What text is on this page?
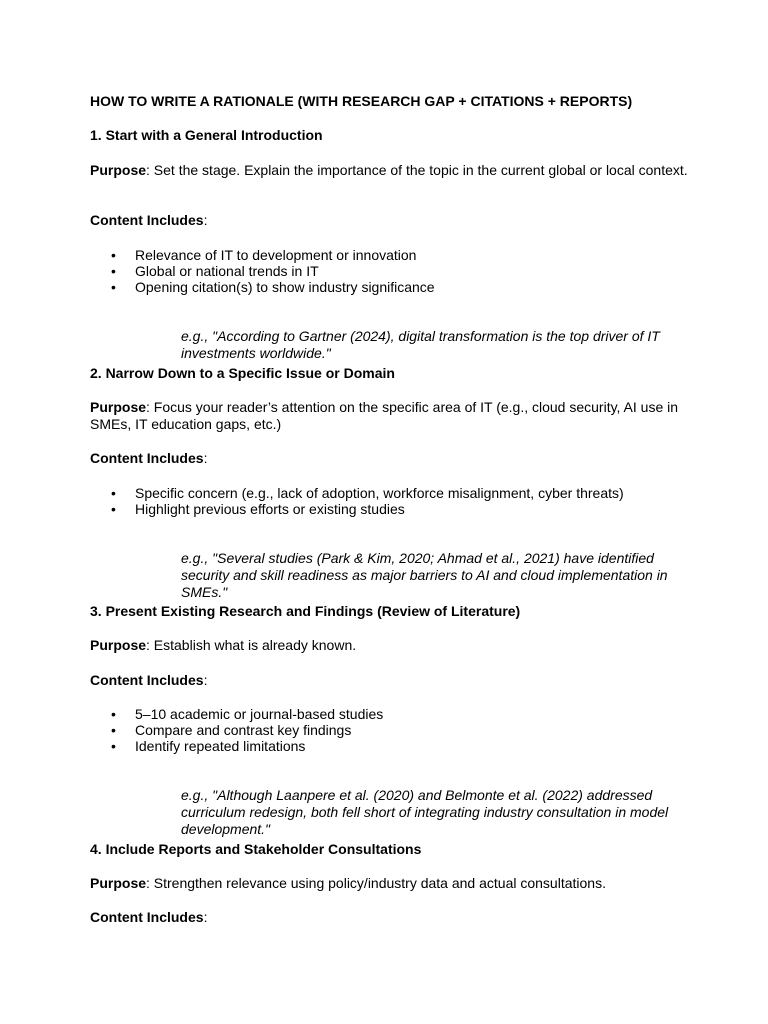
HOW TO WRITE A RATIONALE (WITH RESEARCH GAP + CITATIONS + REPORTS)

1. Start with a General Introduction

Purpose: Set the stage. Explain the importance of the topic in the current global or local context.

Content Includes:

•	Relevance of IT to development or innovation
•	Global or national trends in IT
•	Opening citation(s) to show industry significance

e.g., "According to Gartner (2024), digital transformation is the top driver of IT investments worldwide."

2. Narrow Down to a Specific Issue or Domain

Purpose: Focus your reader’s attention on the specific area of IT (e.g., cloud security, AI use in SMEs, IT education gaps, etc.)

Content Includes:

•	Specific concern (e.g., lack of adoption, workforce misalignment, cyber threats)
•	Highlight previous efforts or existing studies

e.g., "Several studies (Park & Kim, 2020; Ahmad et al., 2021) have identified security and skill readiness as major barriers to AI and cloud implementation in SMEs."

3. Present Existing Research and Findings (Review of Literature)

Purpose: Establish what is already known.

Content Includes:

•	5–10 academic or journal-based studies
•	Compare and contrast key findings
•	Identify repeated limitations

e.g., "Although Laanpere et al. (2020) and Belmonte et al. (2022) addressed curriculum redesign, both fell short of integrating industry consultation in model development."

4. Include Reports and Stakeholder Consultations

Purpose: Strengthen relevance using policy/industry data and actual consultations.

Content Includes:
